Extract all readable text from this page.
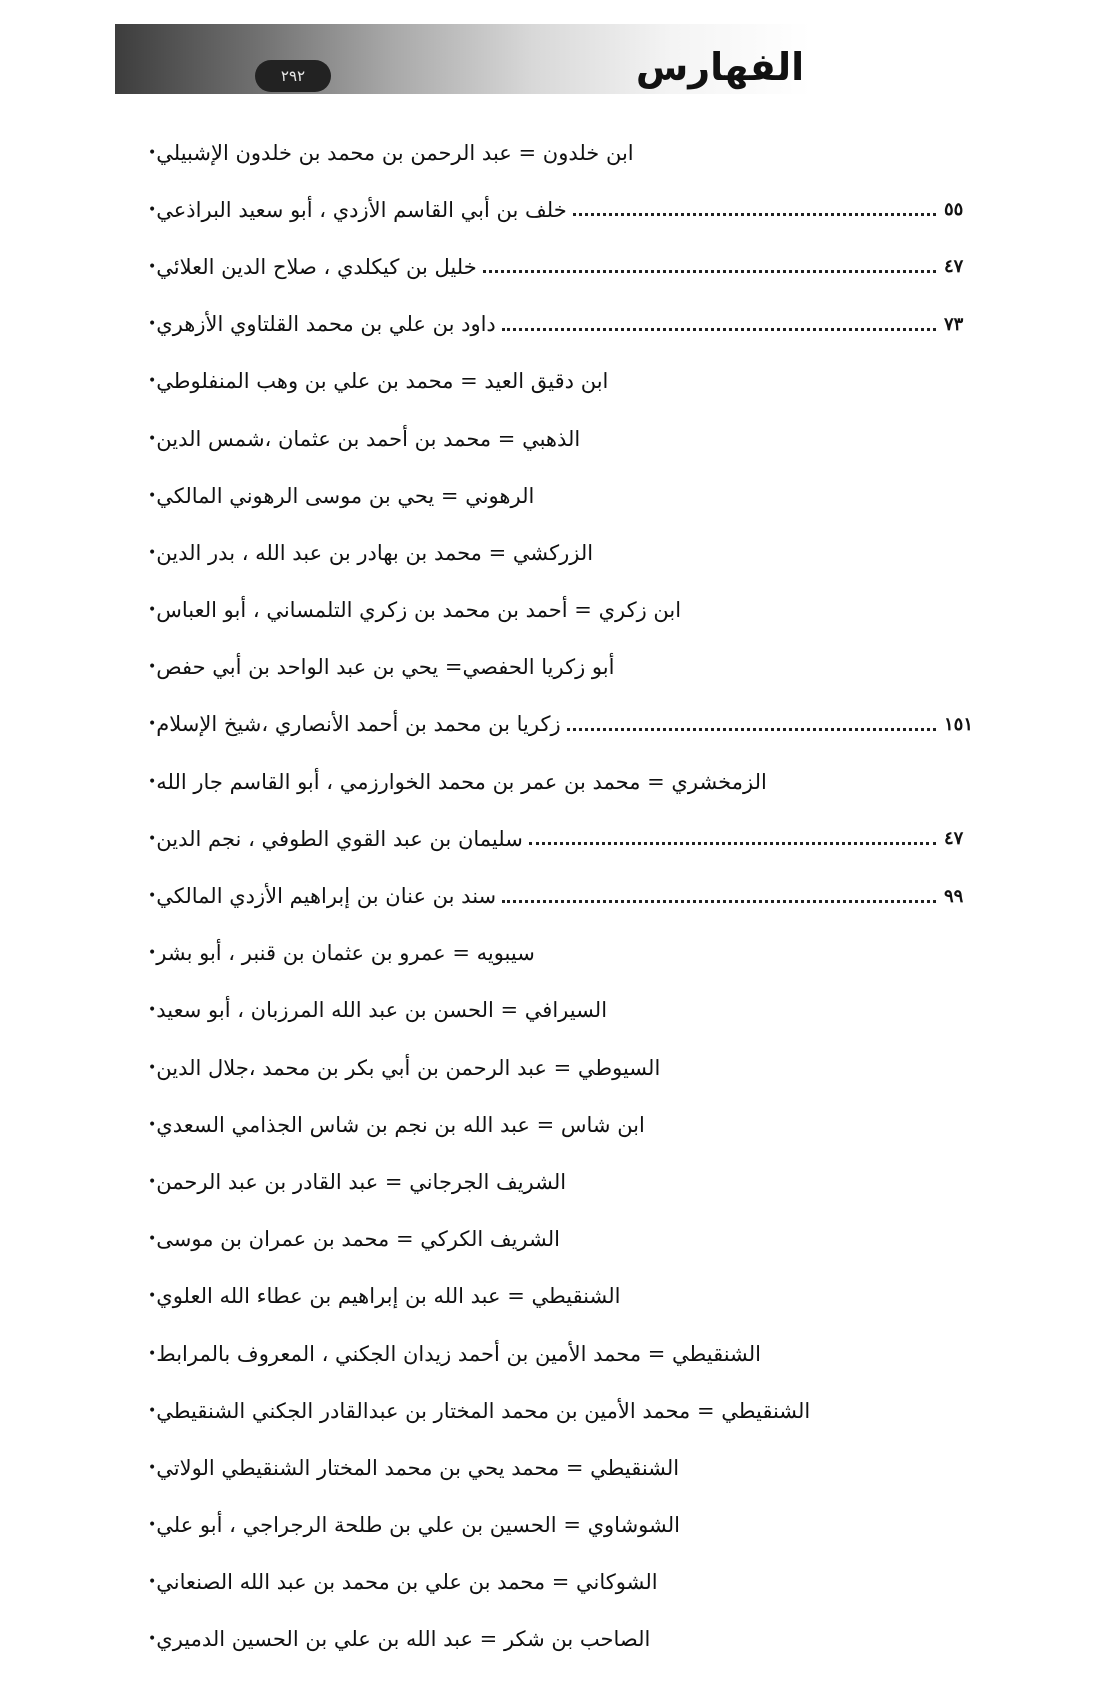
الفهارس
٢٩٢
• ابن خلدون = عبد الرحمن بن محمد بن خلدون الإشبيلي
• خلف بن أبي القاسم الأزدي ، أبو سعيد البراذعي	٥٥
• خليل بن كيكلدي ، صلاح الدين العلائي	٤٧
• داود بن علي بن محمد القلتاوي الأزهري	٧٣
• ابن دقيق العيد = محمد بن علي بن وهب المنفلوطي
• الذهبي = محمد بن أحمد بن عثمان ،شمس الدين
• الرهوني = يحي بن موسى الرهوني المالكي
• الزركشي = محمد بن بهادر بن عبد الله ، بدر الدين
• ابن زكري = أحمد بن محمد بن زكري التلمساني ، أبو العباس
• أبو زكريا الحفصي= يحي بن عبد الواحد بن أبي حفص
• زكريا بن محمد بن أحمد الأنصاري ،شيخ الإسلام	١٥١
• الزمخشري = محمد بن عمر بن محمد الخوارزمي ، أبو القاسم جار الله
• سليمان بن عبد القوي الطوفي ، نجم الدين	٤٧
• سند بن عنان بن إبراهيم الأزدي المالكي	٩٩
• سيبويه = عمرو بن عثمان بن قنبر ، أبو بشر
• السيرافي = الحسن بن عبد الله المرزبان ، أبو سعيد
• السيوطي = عبد الرحمن بن أبي بكر بن محمد ،جلال الدين
• ابن شاس = عبد الله بن نجم بن شاس الجذامي السعدي
• الشريف الجرجاني = عبد القادر بن عبد الرحمن
• الشريف الكركي = محمد بن عمران بن موسى
• الشنقيطي = عبد الله بن إبراهيم بن عطاء الله العلوي
• الشنقيطي = محمد الأمين بن أحمد زيدان الجكني ، المعروف بالمرابط
• الشنقيطي = محمد الأمين بن محمد المختار بن عبدالقادر الجكني الشنقيطي
• الشنقيطي = محمد يحي بن محمد المختار الشنقيطي الولاتي
• الشوشاوي = الحسين بن علي بن طلحة الرجراجي ، أبو علي
• الشوكاني = محمد بن علي بن محمد بن عبد الله الصنعاني
• الصاحب بن شكر = عبد الله بن علي بن الحسين الدميري
